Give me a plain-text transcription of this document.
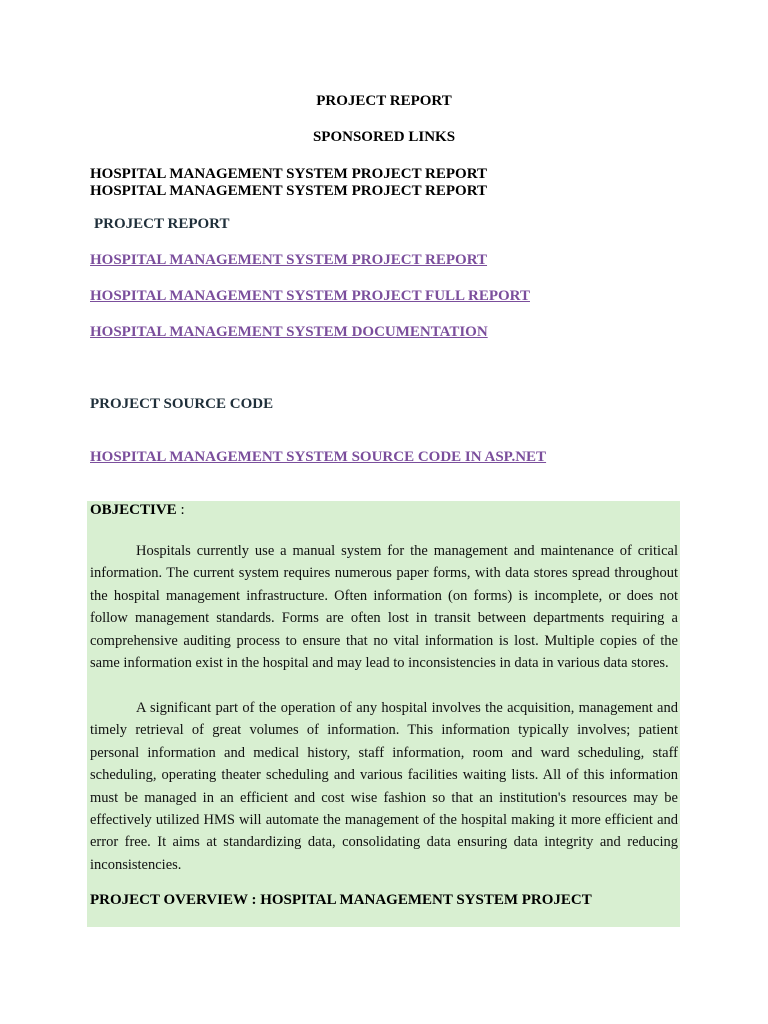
PROJECT REPORT
SPONSORED LINKS
HOSPITAL MANAGEMENT SYSTEM PROJECT REPORT
HOSPITAL MANAGEMENT SYSTEM PROJECT REPORT
PROJECT REPORT
HOSPITAL MANAGEMENT SYSTEM PROJECT REPORT
HOSPITAL MANAGEMENT SYSTEM PROJECT FULL REPORT
HOSPITAL MANAGEMENT SYSTEM DOCUMENTATION
PROJECT SOURCE CODE
HOSPITAL MANAGEMENT SYSTEM SOURCE CODE IN ASP.NET
OBJECTIVE :
Hospitals currently use a manual system for the management and maintenance of critical information. The current system requires numerous paper forms, with data stores spread throughout the hospital management infrastructure. Often information (on forms) is incomplete, or does not follow management standards. Forms are often lost in transit between departments requiring a comprehensive auditing process to ensure that no vital information is lost. Multiple copies of the same information exist in the hospital and may lead to inconsistencies in data in various data stores.
A significant part of the operation of any hospital involves the acquisition, management and timely retrieval of great volumes of information. This information typically involves; patient personal information and medical history, staff information, room and ward scheduling, staff scheduling, operating theater scheduling and various facilities waiting lists. All of this information must be managed in an efficient and cost wise fashion so that an institution's resources may be effectively utilized HMS will automate the management of the hospital making it more efficient and error free. It aims at standardizing data, consolidating data ensuring data integrity and reducing inconsistencies.
PROJECT OVERVIEW : HOSPITAL MANAGEMENT SYSTEM PROJECT
